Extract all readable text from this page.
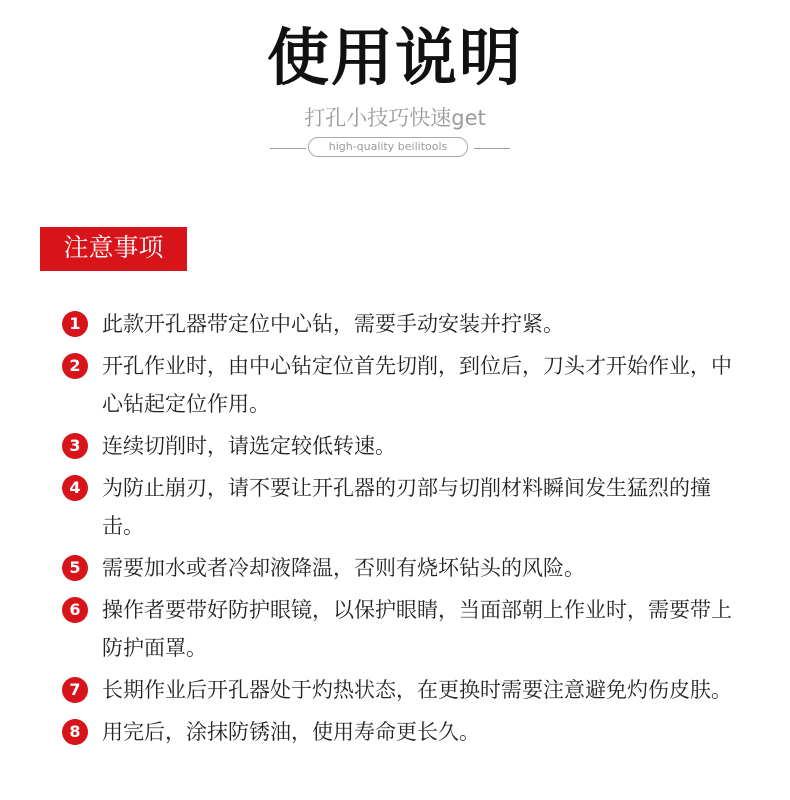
使用说明
打孔小技巧快速get
high-quality beilitools
注意事项
1	此款开孔器带定位中心钻，需要手动安装并拧紧。
2	开孔作业时，由中心钻定位首先切削，到位后，刀头才开始作业，中心钻起定位作用。
3	连续切削时，请选定较低转速。
4	为防止崩刃，请不要让开孔器的刃部与切削材料瞬间发生猛烈的撞击。
5	需要加水或者冷却液降温，否则有烧坏钻头的风险。
6	操作者要带好防护眼镜，以保护眼睛，当面部朝上作业时，需要带上防护面罩。
7	长期作业后开孔器处于灼热状态，在更换时需要注意避免灼伤皮肤。
8	用完后，涂抹防锈油，使用寿命更长久。
